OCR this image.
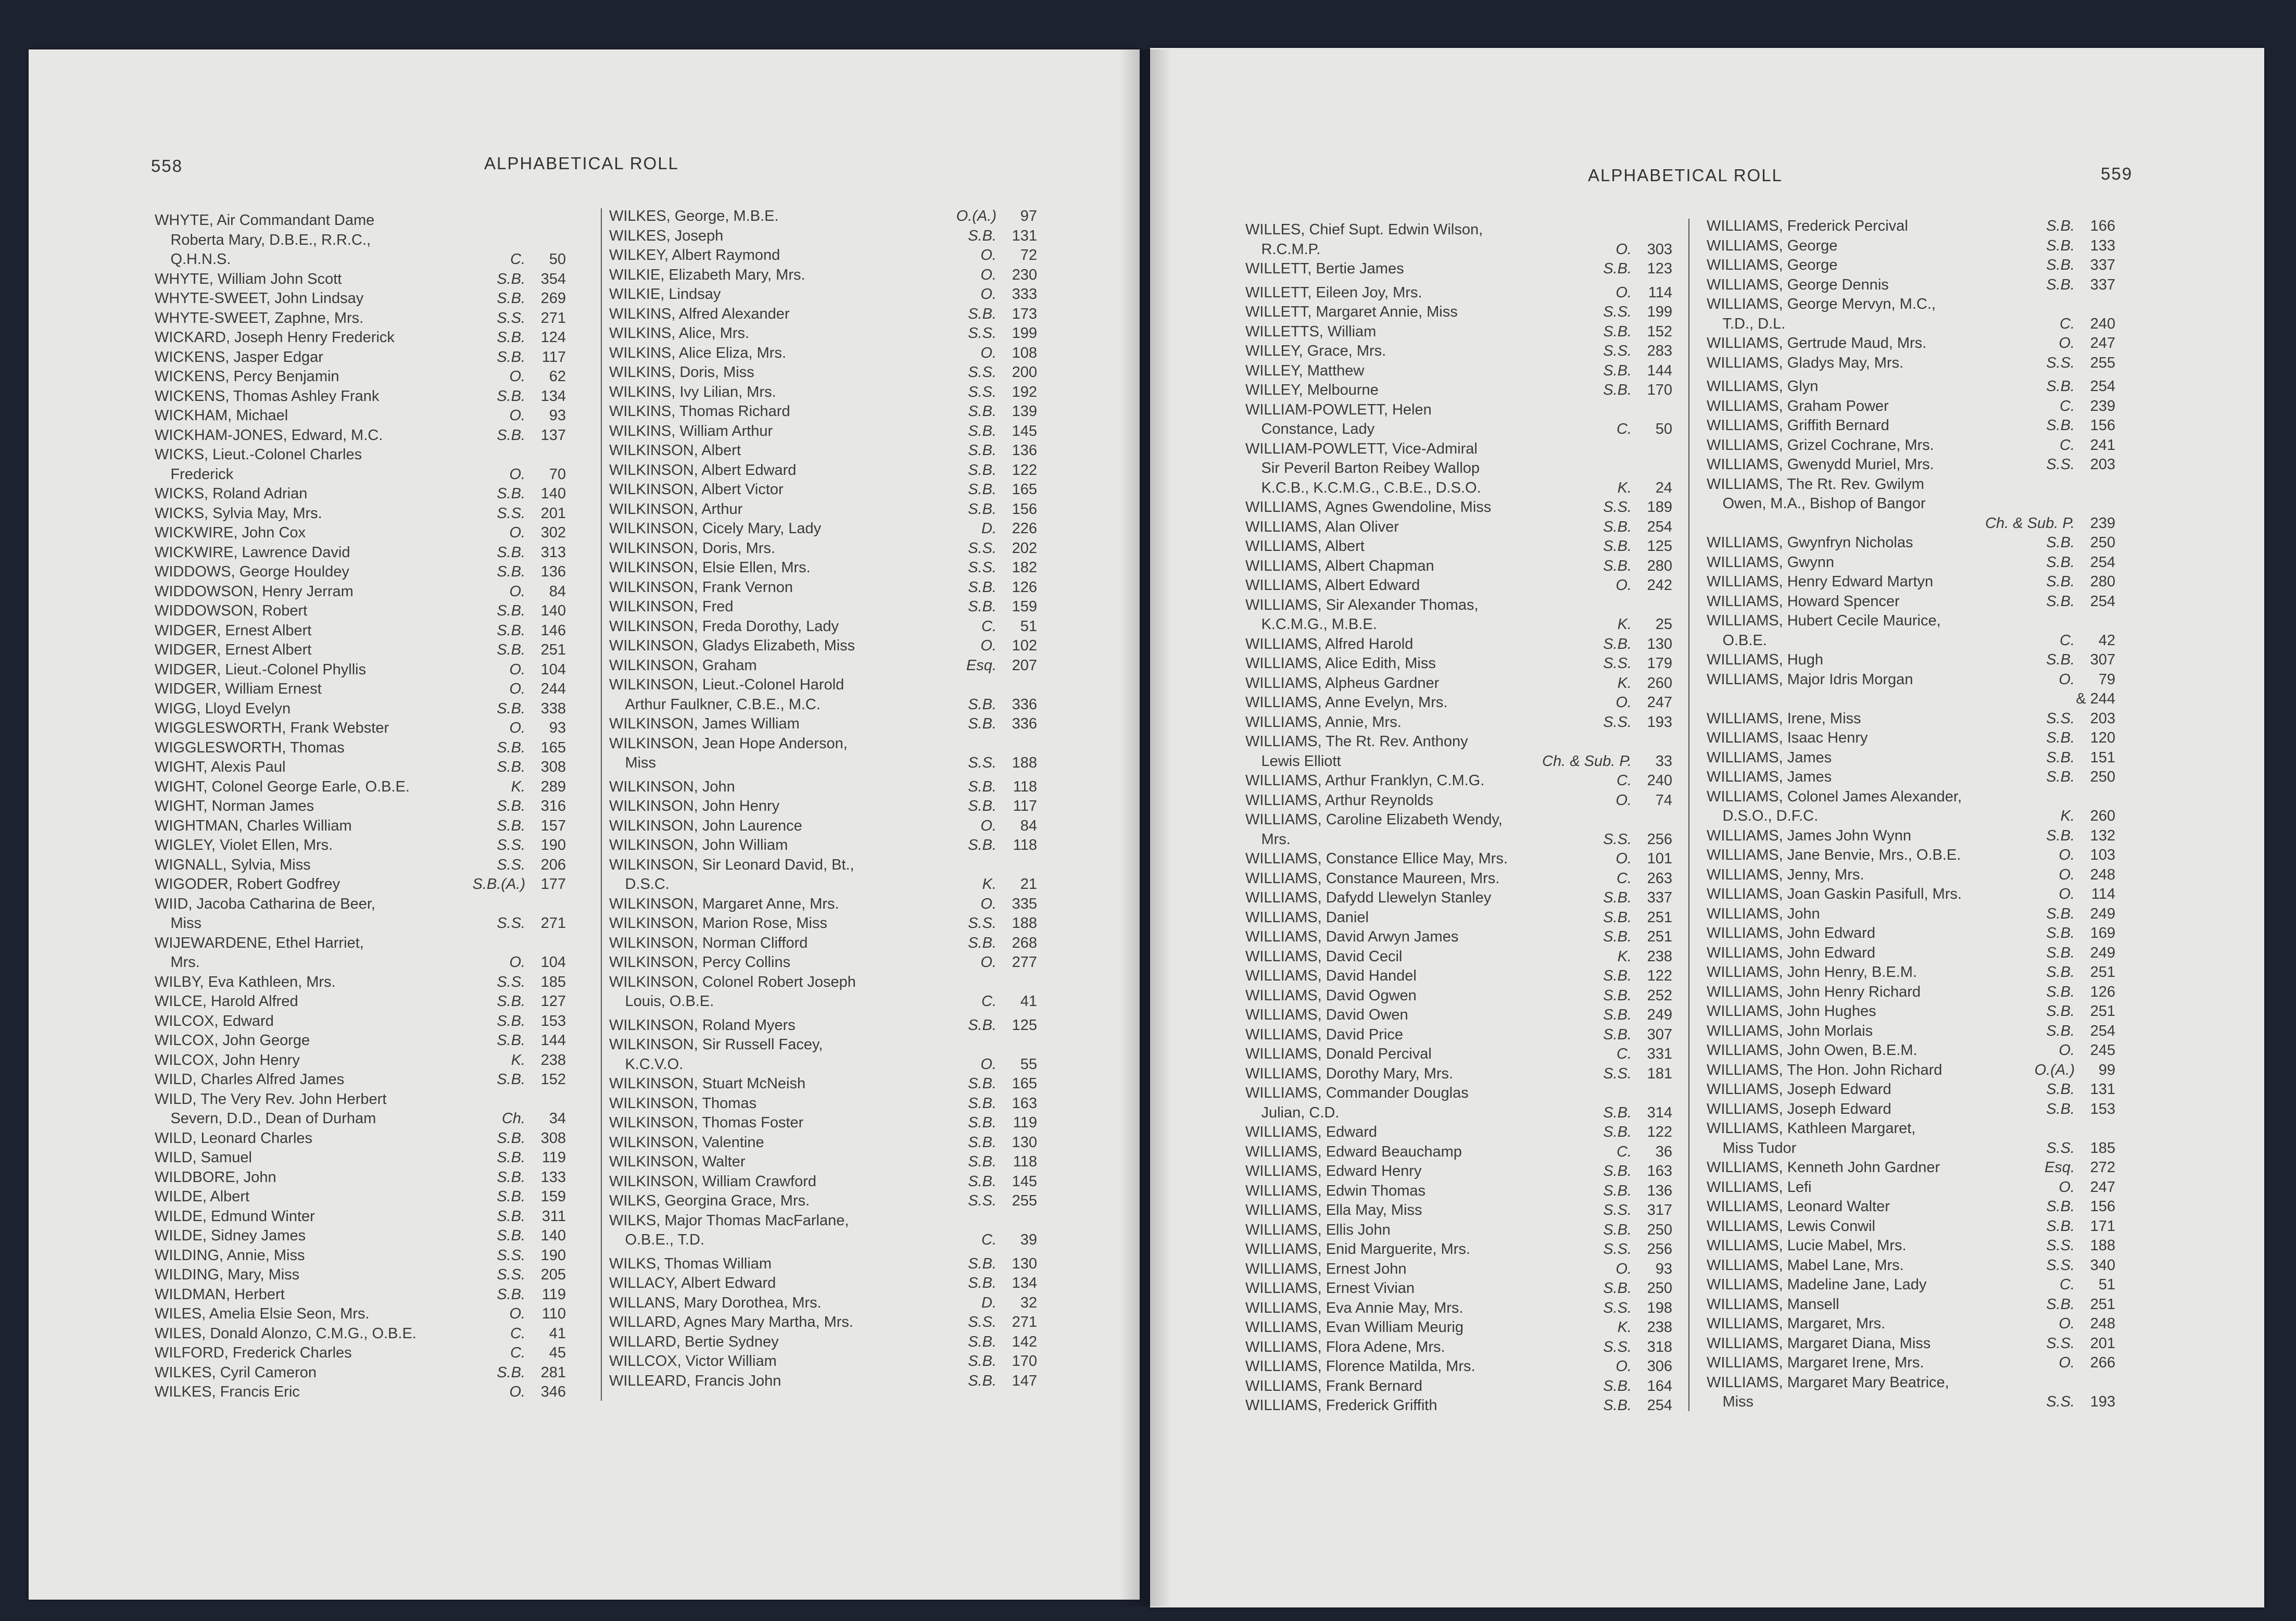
558	ALPHABETICAL ROLL
ALPHABETICAL ROLL	559
WHYTE, Air Commandant Dame
Roberta Mary, D.B.E., R.R.C.,
Q.H.N.S.	C.	50
WHYTE, William John Scott	S.B.	354
WHYTE-SWEET, John Lindsay	S.B.	269
WHYTE-SWEET, Zaphne, Mrs.	S.S.	271
WICKARD, Joseph Henry Frederick	S.B.	124
WICKENS, Jasper Edgar	S.B.	117
WICKENS, Percy Benjamin	O.	62
WICKENS, Thomas Ashley Frank	S.B.	134
WICKHAM, Michael	O.	93
WICKHAM-JONES, Edward, M.C.	S.B.	137
WICKS, Lieut.-Colonel Charles
Frederick	O.	70
WICKS, Roland Adrian	S.B.	140
WICKS, Sylvia May, Mrs.	S.S.	201
WICKWIRE, John Cox	O.	302
WICKWIRE, Lawrence David	S.B.	313
WIDDOWS, George Houldey	S.B.	136
WIDDOWSON, Henry Jerram	O.	84
WIDDOWSON, Robert	S.B.	140
WIDGER, Ernest Albert	S.B.	146
WIDGER, Ernest Albert	S.B.	251
WIDGER, Lieut.-Colonel Phyllis	O.	104
WIDGER, William Ernest	O.	244
WIGG, Lloyd Evelyn	S.B.	338
WIGGLESWORTH, Frank Webster	O.	93
WIGGLESWORTH, Thomas	S.B.	165
WIGHT, Alexis Paul	S.B.	308
WIGHT, Colonel George Earle, O.B.E.	K.	289
WIGHT, Norman James	S.B.	316
WIGHTMAN, Charles William	S.B.	157
WIGLEY, Violet Ellen, Mrs.	S.S.	190
WIGNALL, Sylvia, Miss	S.S.	206
WIGODER, Robert Godfrey	S.B.(A.)	177
WIID, Jacoba Catharina de Beer,
Miss	S.S.	271
WIJEWARDENE, Ethel Harriet,
Mrs.	O.	104
WILBY, Eva Kathleen, Mrs.	S.S.	185
WILCE, Harold Alfred	S.B.	127
WILCOX, Edward	S.B.	153
WILCOX, John George	S.B.	144
WILCOX, John Henry	K.	238
WILD, Charles Alfred James	S.B.	152
WILD, The Very Rev. John Herbert
Severn, D.D., Dean of Durham	Ch.	34
WILD, Leonard Charles	S.B.	308
WILD, Samuel	S.B.	119
WILDBORE, John	S.B.	133
WILDE, Albert	S.B.	159
WILDE, Edmund Winter	S.B.	311
WILDE, Sidney James	S.B.	140
WILDING, Annie, Miss	S.S.	190
WILDING, Mary, Miss	S.S.	205
WILDMAN, Herbert	S.B.	119
WILES, Amelia Elsie Seon, Mrs.	O.	110
WILES, Donald Alonzo, C.M.G., O.B.E.	C.	41
WILFORD, Frederick Charles	C.	45
WILKES, Cyril Cameron	S.B.	281
WILKES, Francis Eric	O.	346
WILKES, George, M.B.E.	O.(A.)	97
WILKES, Joseph	S.B.	131
WILKEY, Albert Raymond	O.	72
WILKIE, Elizabeth Mary, Mrs.	O.	230
WILKIE, Lindsay	O.	333
WILKINS, Alfred Alexander	S.B.	173
WILKINS, Alice, Mrs.	S.S.	199
WILKINS, Alice Eliza, Mrs.	O.	108
WILKINS, Doris, Miss	S.S.	200
WILKINS, Ivy Lilian, Mrs.	S.S.	192
WILKINS, Thomas Richard	S.B.	139
WILKINS, William Arthur	S.B.	145
WILKINSON, Albert	S.B.	136
WILKINSON, Albert Edward	S.B.	122
WILKINSON, Albert Victor	S.B.	165
WILKINSON, Arthur	S.B.	156
WILKINSON, Cicely Mary, Lady	D.	226
WILKINSON, Doris, Mrs.	S.S.	202
WILKINSON, Elsie Ellen, Mrs.	S.S.	182
WILKINSON, Frank Vernon	S.B.	126
WILKINSON, Fred	S.B.	159
WILKINSON, Freda Dorothy, Lady	C.	51
WILKINSON, Gladys Elizabeth, Miss	O.	102
WILKINSON, Graham	Esq.	207
WILKINSON, Lieut.-Colonel Harold
Arthur Faulkner, C.B.E., M.C.	S.B.	336
WILKINSON, James William	S.B.	336
WILKINSON, Jean Hope Anderson,
Miss	S.S.	188
WILKINSON, John	S.B.	118
WILKINSON, John Henry	S.B.	117
WILKINSON, John Laurence	O.	84
WILKINSON, John William	S.B.	118
WILKINSON, Sir Leonard David, Bt.,
D.S.C.	K.	21
WILKINSON, Margaret Anne, Mrs.	O.	335
WILKINSON, Marion Rose, Miss	S.S.	188
WILKINSON, Norman Clifford	S.B.	268
WILKINSON, Percy Collins	O.	277
WILKINSON, Colonel Robert Joseph
Louis, O.B.E.	C.	41
WILKINSON, Roland Myers	S.B.	125
WILKINSON, Sir Russell Facey,
K.C.V.O.	O.	55
WILKINSON, Stuart McNeish	S.B.	165
WILKINSON, Thomas	S.B.	163
WILKINSON, Thomas Foster	S.B.	119
WILKINSON, Valentine	S.B.	130
WILKINSON, Walter	S.B.	118
WILKINSON, William Crawford	S.B.	145
WILKS, Georgina Grace, Mrs.	S.S.	255
WILKS, Major Thomas MacFarlane,
O.B.E., T.D.	C.	39
WILKS, Thomas William	S.B.	130
WILLACY, Albert Edward	S.B.	134
WILLANS, Mary Dorothea, Mrs.	D.	32
WILLARD, Agnes Mary Martha, Mrs.	S.S.	271
WILLARD, Bertie Sydney	S.B.	142
WILLCOX, Victor William	S.B.	170
WILLEARD, Francis John	S.B.	147
WILLES, Chief Supt. Edwin Wilson,
R.C.M.P.	O.	303
WILLETT, Bertie James	S.B.	123
WILLETT, Eileen Joy, Mrs.	O.	114
WILLETT, Margaret Annie, Miss	S.S.	199
WILLETTS, William	S.B.	152
WILLEY, Grace, Mrs.	S.S.	283
WILLEY, Matthew	S.B.	144
WILLEY, Melbourne	S.B.	170
WILLIAM-POWLETT, Helen
Constance, Lady	C.	50
WILLIAM-POWLETT, Vice-Admiral
Sir Peveril Barton Reibey Wallop
K.C.B., K.C.M.G., C.B.E., D.S.O.	K.	24
WILLIAMS, Agnes Gwendoline, Miss	S.S.	189
WILLIAMS, Alan Oliver	S.B.	254
WILLIAMS, Albert	S.B.	125
WILLIAMS, Albert Chapman	S.B.	280
WILLIAMS, Albert Edward	O.	242
WILLIAMS, Sir Alexander Thomas,
K.C.M.G., M.B.E.	K.	25
WILLIAMS, Alfred Harold	S.B.	130
WILLIAMS, Alice Edith, Miss	S.S.	179
WILLIAMS, Alpheus Gardner	K.	260
WILLIAMS, Anne Evelyn, Mrs.	O.	247
WILLIAMS, Annie, Mrs.	S.S.	193
WILLIAMS, The Rt. Rev. Anthony
Lewis Elliott	Ch. & Sub. P.	33
WILLIAMS, Arthur Franklyn, C.M.G.	C.	240
WILLIAMS, Arthur Reynolds	O.	74
WILLIAMS, Caroline Elizabeth Wendy,
Mrs.	S.S.	256
WILLIAMS, Constance Ellice May, Mrs.	O.	101
WILLIAMS, Constance Maureen, Mrs.	C.	263
WILLIAMS, Dafydd Llewelyn Stanley	S.B.	337
WILLIAMS, Daniel	S.B.	251
WILLIAMS, David Arwyn James	S.B.	251
WILLIAMS, David Cecil	K.	238
WILLIAMS, David Handel	S.B.	122
WILLIAMS, David Ogwen	S.B.	252
WILLIAMS, David Owen	S.B.	249
WILLIAMS, David Price	S.B.	307
WILLIAMS, Donald Percival	C.	331
WILLIAMS, Dorothy Mary, Mrs.	S.S.	181
WILLIAMS, Commander Douglas
Julian, C.D.	S.B.	314
WILLIAMS, Edward	S.B.	122
WILLIAMS, Edward Beauchamp	C.	36
WILLIAMS, Edward Henry	S.B.	163
WILLIAMS, Edwin Thomas	S.B.	136
WILLIAMS, Ella May, Miss	S.S.	317
WILLIAMS, Ellis John	S.B.	250
WILLIAMS, Enid Marguerite, Mrs.	S.S.	256
WILLIAMS, Ernest John	O.	93
WILLIAMS, Ernest Vivian	S.B.	250
WILLIAMS, Eva Annie May, Mrs.	S.S.	198
WILLIAMS, Evan William Meurig	K.	238
WILLIAMS, Flora Adene, Mrs.	S.S.	318
WILLIAMS, Florence Matilda, Mrs.	O.	306
WILLIAMS, Frank Bernard	S.B.	164
WILLIAMS, Frederick Griffith	S.B.	254
WILLIAMS, Frederick Percival	S.B.	166
WILLIAMS, George	S.B.	133
WILLIAMS, George	S.B.	337
WILLIAMS, George Dennis	S.B.	337
WILLIAMS, George Mervyn, M.C.,
T.D., D.L.	C.	240
WILLIAMS, Gertrude Maud, Mrs.	O.	247
WILLIAMS, Gladys May, Mrs.	S.S.	255
WILLIAMS, Glyn	S.B.	254
WILLIAMS, Graham Power	C.	239
WILLIAMS, Griffith Bernard	S.B.	156
WILLIAMS, Grizel Cochrane, Mrs.	C.	241
WILLIAMS, Gwenydd Muriel, Mrs.	S.S.	203
WILLIAMS, The Rt. Rev. Gwilym
Owen, M.A., Bishop of Bangor
Ch. & Sub. P.	239
WILLIAMS, Gwynfryn Nicholas	S.B.	250
WILLIAMS, Gwynn	S.B.	254
WILLIAMS, Henry Edward Martyn	S.B.	280
WILLIAMS, Howard Spencer	S.B.	254
WILLIAMS, Hubert Cecile Maurice,
O.B.E.	C.	42
WILLIAMS, Hugh	S.B.	307
WILLIAMS, Major Idris Morgan	O.	79
& 244
WILLIAMS, Irene, Miss	S.S.	203
WILLIAMS, Isaac Henry	S.B.	120
WILLIAMS, James	S.B.	151
WILLIAMS, James	S.B.	250
WILLIAMS, Colonel James Alexander,
D.S.O., D.F.C.	K.	260
WILLIAMS, James John Wynn	S.B.	132
WILLIAMS, Jane Benvie, Mrs., O.B.E.	O.	103
WILLIAMS, Jenny, Mrs.	O.	248
WILLIAMS, Joan Gaskin Pasifull, Mrs.	O.	114
WILLIAMS, John	S.B.	249
WILLIAMS, John Edward	S.B.	169
WILLIAMS, John Edward	S.B.	249
WILLIAMS, John Henry, B.E.M.	S.B.	251
WILLIAMS, John Henry Richard	S.B.	126
WILLIAMS, John Hughes	S.B.	251
WILLIAMS, John Morlais	S.B.	254
WILLIAMS, John Owen, B.E.M.	O.	245
WILLIAMS, The Hon. John Richard	O.(A.)	99
WILLIAMS, Joseph Edward	S.B.	131
WILLIAMS, Joseph Edward	S.B.	153
WILLIAMS, Kathleen Margaret,
Miss Tudor	S.S.	185
WILLIAMS, Kenneth John Gardner	Esq.	272
WILLIAMS, Lefi	O.	247
WILLIAMS, Leonard Walter	S.B.	156
WILLIAMS, Lewis Conwil	S.B.	171
WILLIAMS, Lucie Mabel, Mrs.	S.S.	188
WILLIAMS, Mabel Lane, Mrs.	S.S.	340
WILLIAMS, Madeline Jane, Lady	C.	51
WILLIAMS, Mansell	S.B.	251
WILLIAMS, Margaret, Mrs.	O.	248
WILLIAMS, Margaret Diana, Miss	S.S.	201
WILLIAMS, Margaret Irene, Mrs.	O.	266
WILLIAMS, Margaret Mary Beatrice,
Miss	S.S.	193
